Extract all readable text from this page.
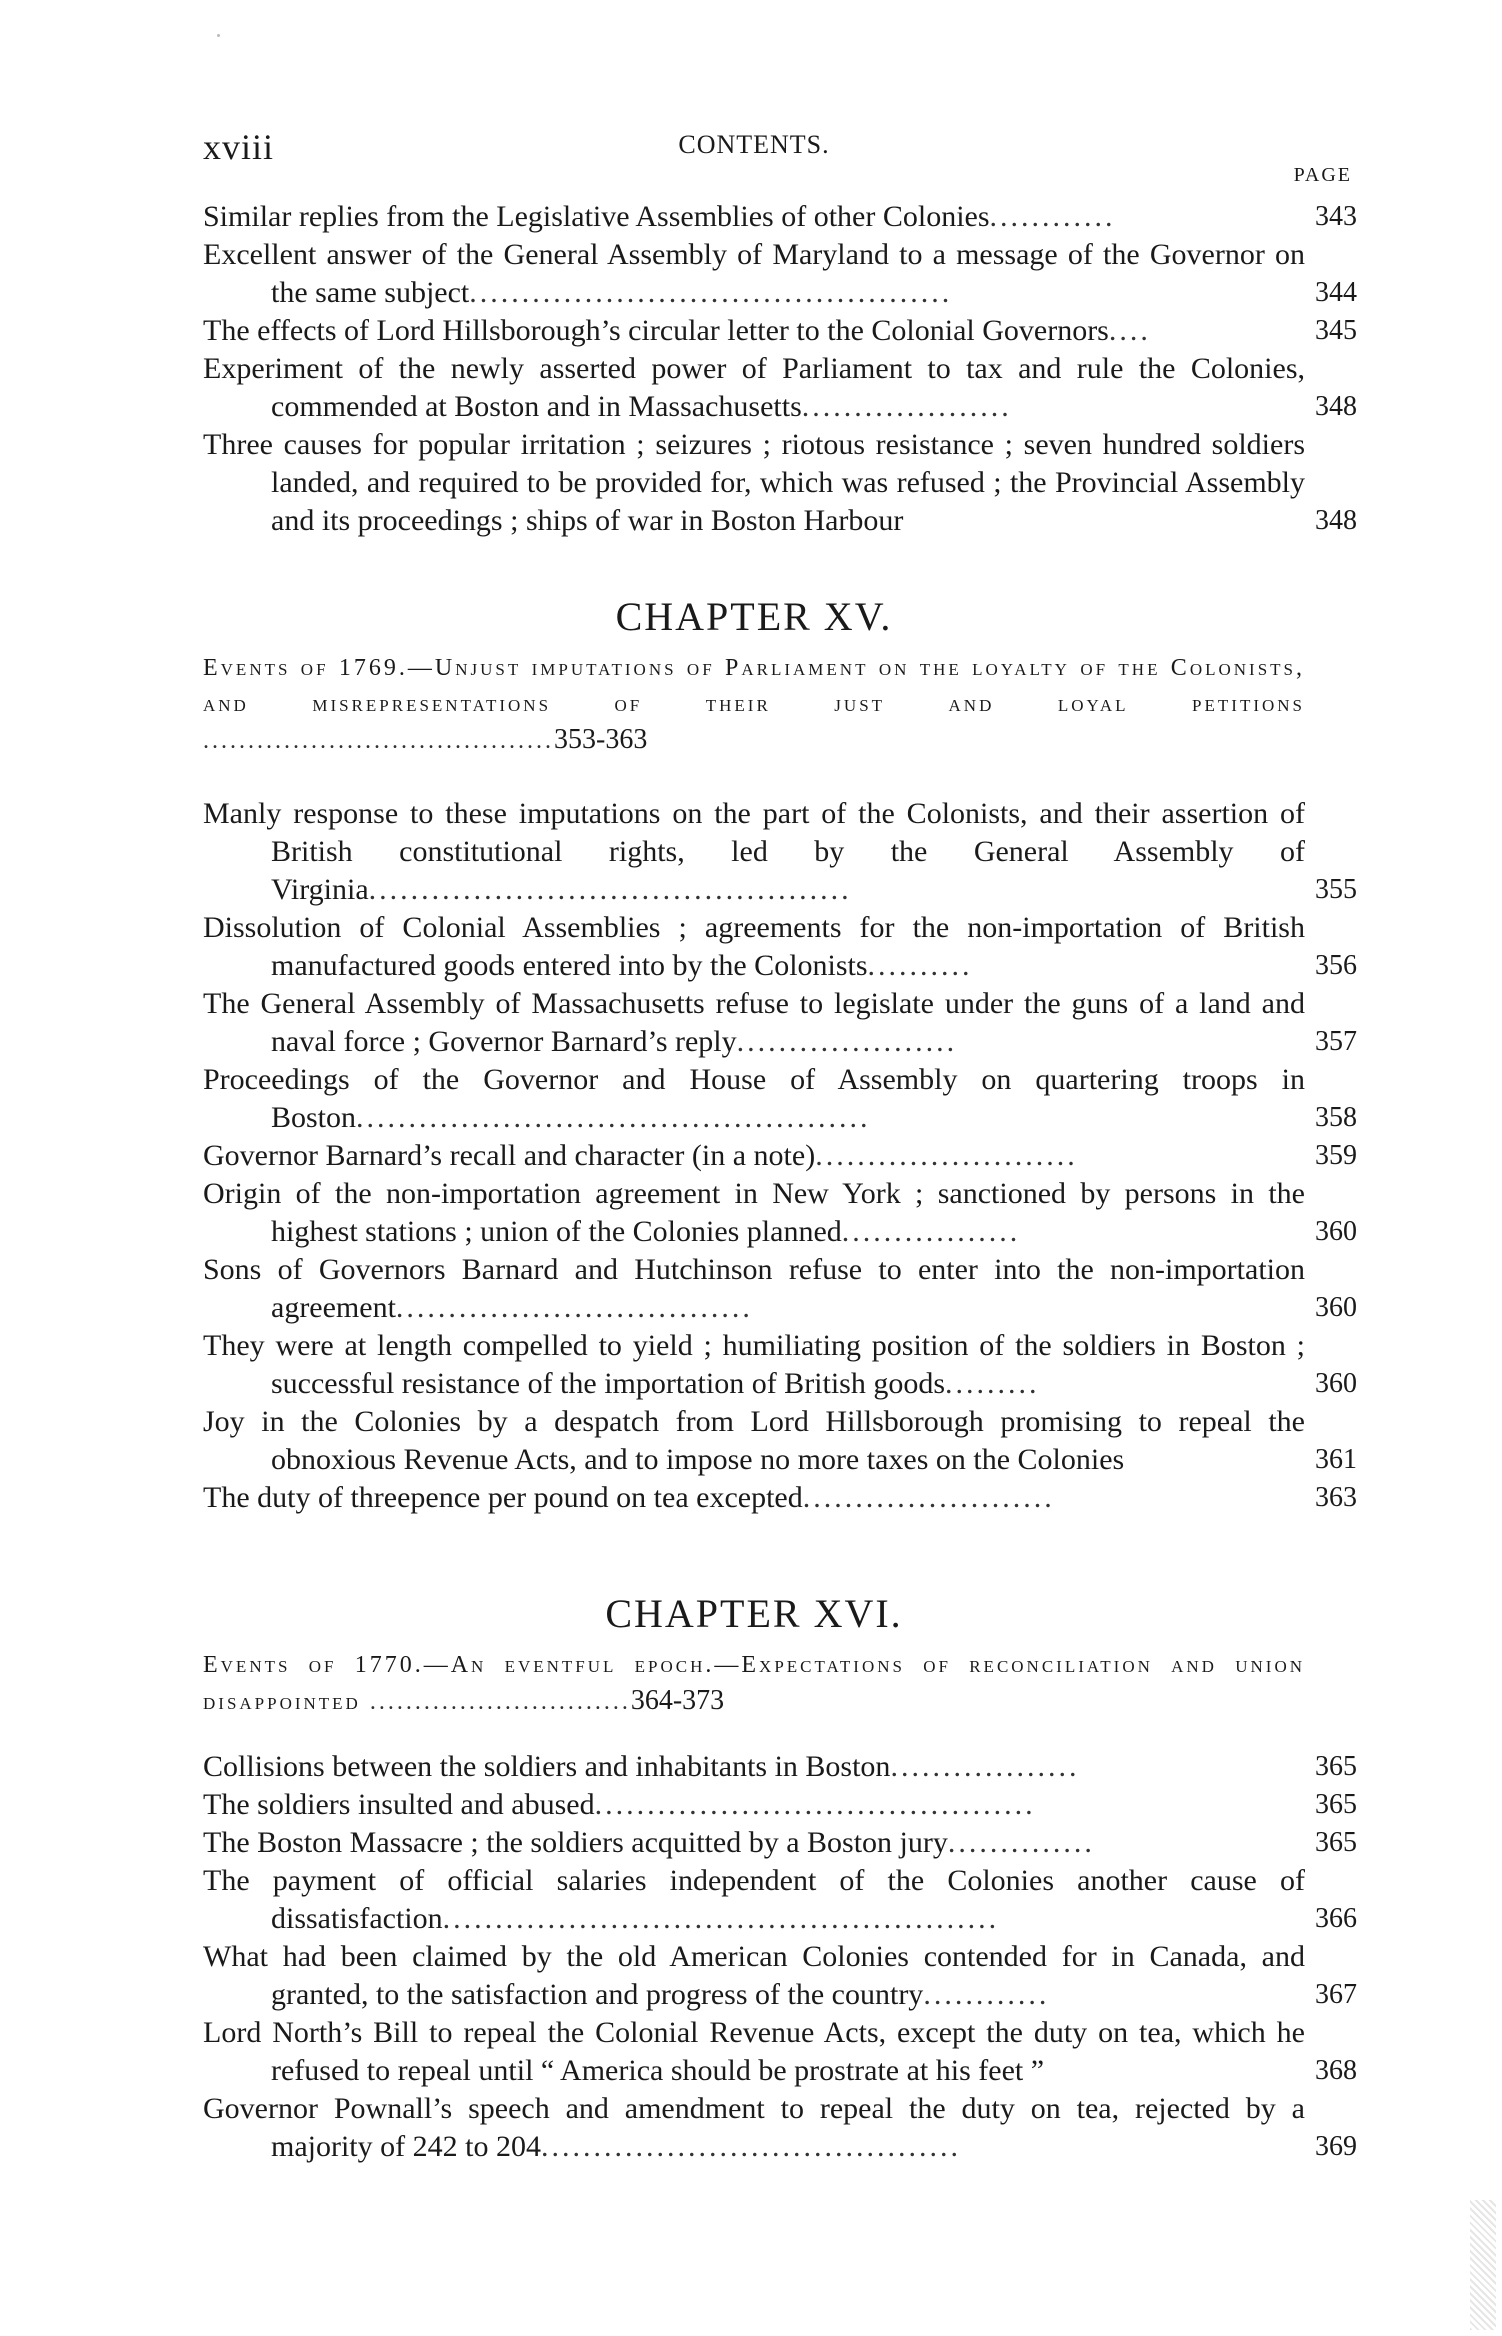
xviii	CONTENTS.
PAGE
Similar replies from the Legislative Assemblies of other Colonies............	343
Excellent answer of the General Assembly of Maryland to a message of the Governor on the same subject..............................................	344
The effects of Lord Hillsborough’s circular letter to the Colonial Governors....	345
Experiment of the newly asserted power of Parliament to tax and rule the Colonies, commended at Boston and in Massachusetts....................	348
Three causes for popular irritation ; seizures ; riotous resistance ; seven hundred soldiers landed, and required to be provided for, which was refused ; the Provincial Assembly and its proceedings ; ships of war in Boston Harbour	348
CHAPTER XV.
Events of 1769.—Unjust imputations of Parliament on the loyalty of the Colonists, and misrepresentations of their just and loyal petitions .......................................353-363
Manly response to these imputations on the part of the Colonists, and their assertion of British constitutional rights, led by the General Assembly of Virginia..............................................	355
Dissolution of Colonial Assemblies ; agreements for the non-importation of British manufactured goods entered into by the Colonists..........	356
The General Assembly of Massachusetts refuse to legislate under the guns of a land and naval force ; Governor Barnard’s reply.....................	357
Proceedings of the Governor and House of Assembly on quartering troops in Boston.................................................	358
Governor Barnard’s recall and character (in a note).........................	359
Origin of the non-importation agreement in New York ; sanctioned by persons in the highest stations ; union of the Colonies planned.................	360
Sons of Governors Barnard and Hutchinson refuse to enter into the non-importation agreement..................................	360
They were at length compelled to yield ; humiliating position of the soldiers in Boston ; successful resistance of the importation of British goods.........	360
Joy in the Colonies by a despatch from Lord Hillsborough promising to repeal the obnoxious Revenue Acts, and to impose no more taxes on the Colonies	361
The duty of threepence per pound on tea excepted........................	363
CHAPTER XVI.
Events of 1770.—An eventful epoch.—Expectations of reconciliation and union disappointed .............................364-373
Collisions between the soldiers and inhabitants in Boston..................	365
The soldiers insulted and abused..........................................	365
The Boston Massacre ; the soldiers acquitted by a Boston jury..............	365
The payment of official salaries independent of the Colonies another cause of dissatisfaction.....................................................	366
What had been claimed by the old American Colonies contended for in Canada, and granted, to the satisfaction and progress of the country............	367
Lord North’s Bill to repeal the Colonial Revenue Acts, except the duty on tea, which he refused to repeal until “ America should be prostrate at his feet ”	368
Governor Pownall’s speech and amendment to repeal the duty on tea, rejected by a majority of 242 to 204........................................	369
